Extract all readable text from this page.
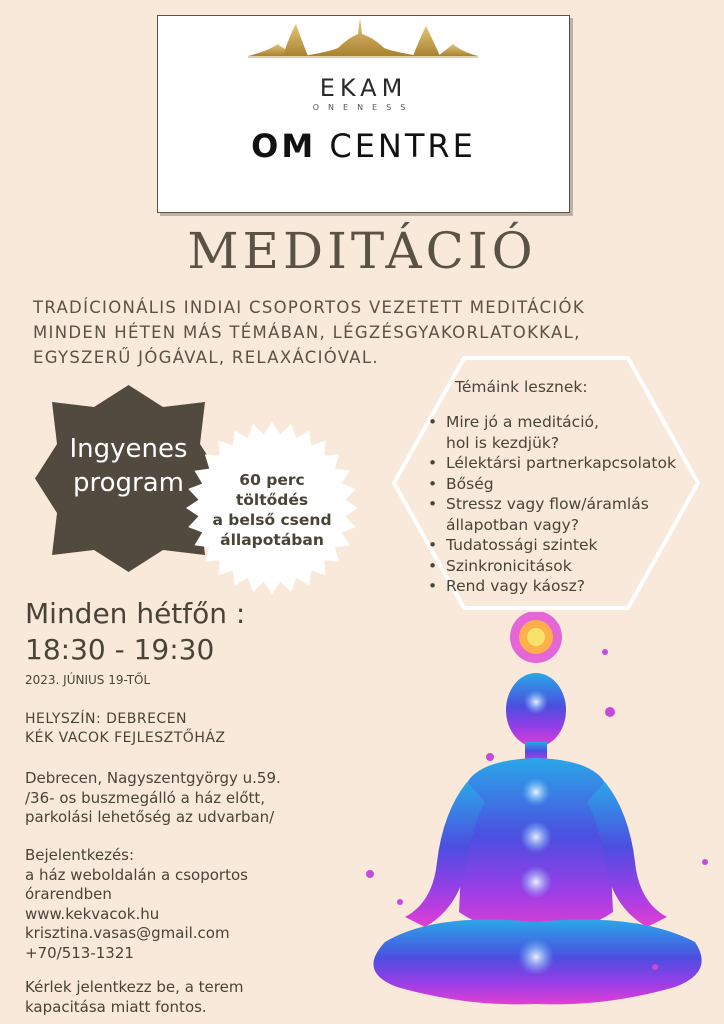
EKAM
ONENESS
OM CENTRE
MEDITÁCIÓ
TRADÍCIONÁLIS INDIAI CSOPORTOS VEZETETT MEDITÁCIÓK
MINDEN HÉTEN MÁS TÉMÁBAN, LÉGZÉSGYAKORLATOKKAL,
EGYSZERŰ JÓGÁVAL, RELAXÁCIÓVAL.
Témáink lesznek:
• Mire jó a meditáció,
hol is kezdjük?
• Lélektársi partnerkapcsolatok
• Bőség
• Stressz vagy flow/áramlás
állapotban vagy?
• Tudatossági szintek
• Szinkronicitások
• Rend vagy káosz?
Ingyenes
program	60 perc
töltődés
a belső csend
állapotában
Minden hétfőn :
18:30 - 19:30
2023. JÚNIUS 19-TŐL
HELYSZÍN: DEBRECEN
KÉK VACOK FEJLESZTŐHÁZ
Debrecen, Nagyszentgyörgy u.59.
/36- os buszmegálló a ház előtt,
parkolási lehetőség az udvarban/
Bejelentkezés:
a ház weboldalán a csoportos
órarendben
www.kekvacok.hu
krisztina.vasas@gmail.com
+70/513-1321
Kérlek jelentkezz be, a terem
kapacitása miatt fontos.
